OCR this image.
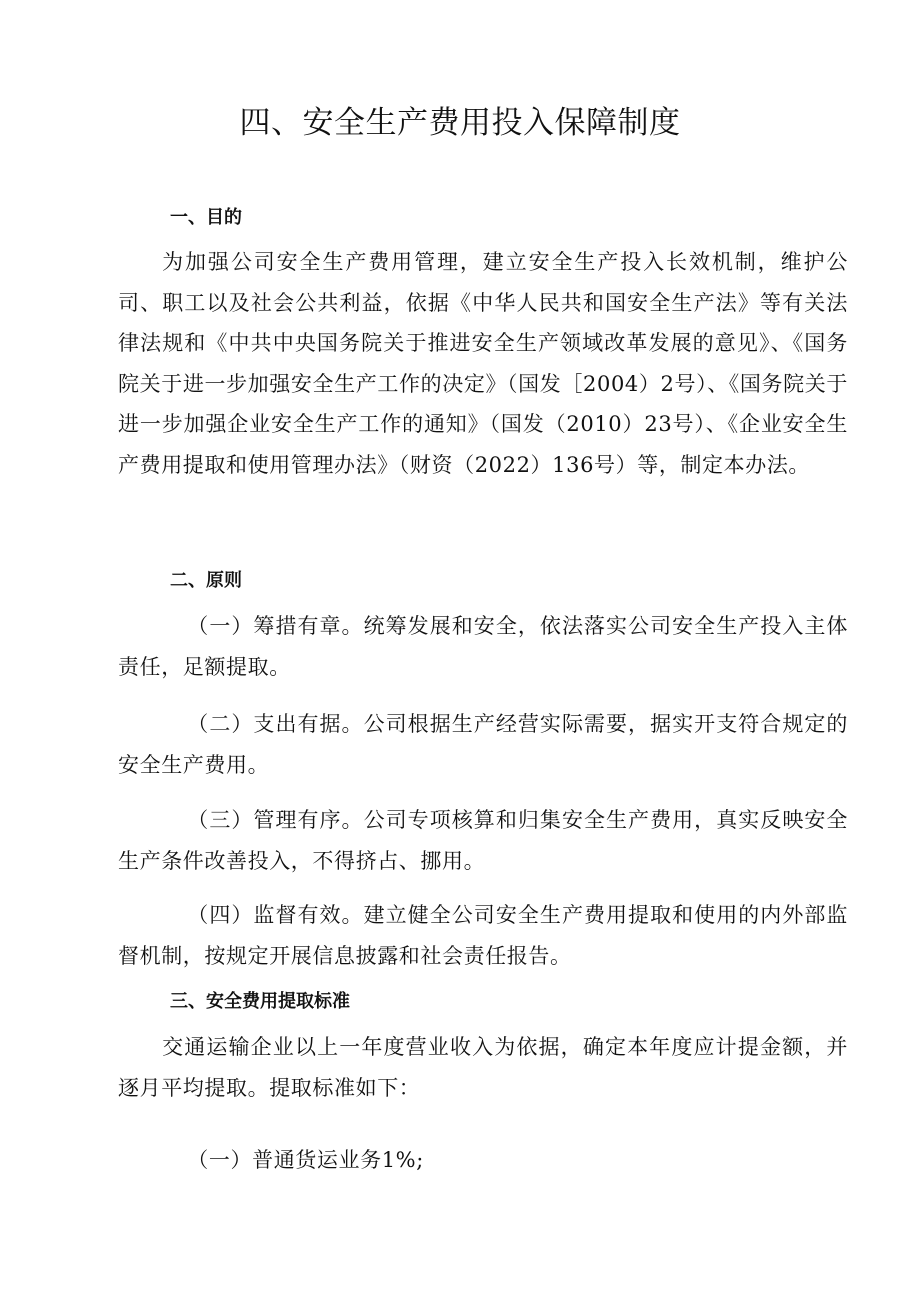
四、安全生产费用投入保障制度
一、目的

为加强公司安全生产费用管理，建立安全生产投入长效机制，维护公司、职工以及社会公共利益，依据《中华人民共和国安全生产法》等有关法律法规和《中共中央国务院关于推进安全生产领域改革发展的意见》、《国务院关于进一步加强安全生产工作的决定》（国发［2004）2号）、《国务院关于进一步加强企业安全生产工作的通知》（国发（2010）23号）、《企业安全生产费用提取和使用管理办法》（财资（2022）136号）等，制定本办法。

二、原则

（一）筹措有章。统筹发展和安全，依法落实公司安全生产投入主体责任，足额提取。

（二）支出有据。公司根据生产经营实际需要，据实开支符合规定的安全生产费用。

（三）管理有序。公司专项核算和归集安全生产费用，真实反映安全生产条件改善投入，不得挤占、挪用。

（四）监督有效。建立健全公司安全生产费用提取和使用的内外部监督机制，按规定开展信息披露和社会责任报告。

三、安全费用提取标准

交通运输企业以上一年度营业收入为依据，确定本年度应计提金额，并逐月平均提取。提取标准如下：

（一）普通货运业务1%;
